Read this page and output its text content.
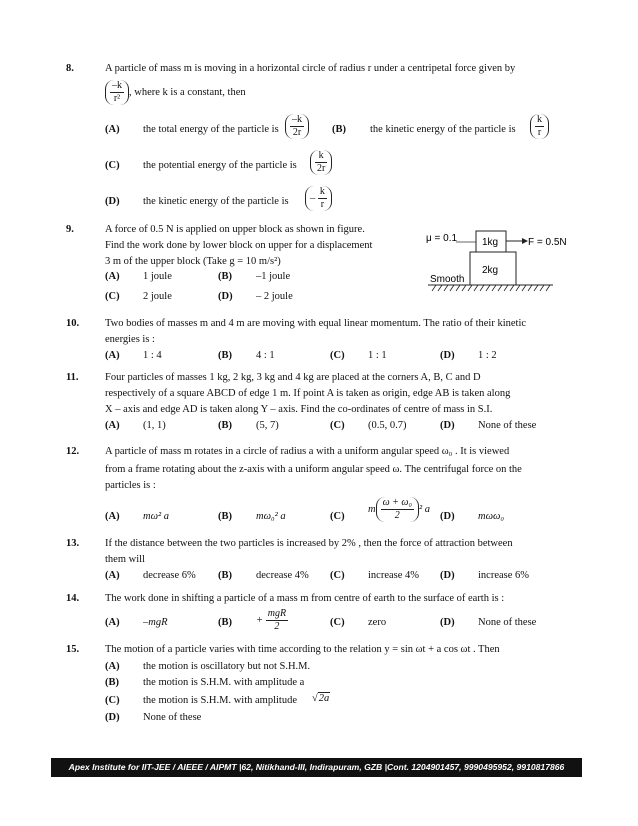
8.	A particle of mass m is moving in a horizontal circle of radius r under a centripetal force given by
$\frac{-k}{\text{r²}}$ , where k is a constant, then
(A) the total energy of the particle is $\frac{-k}{2r}$	(B) the kinetic energy of the particle is $\frac{k}{r}$
(C) the potential energy of the particle is $\frac{k}{2r}$
(D) the kinetic energy of the particle is	– $\frac{k}{r}$
9.	A force of 0.5 N is applied on upper block as shown in figure.
Find the work done by lower block on upper for a displacement
3 m of the upper block (Take g = 10 m/s²)
(A) 1 joule	(B) –1 joule
(C) 2 joule	(D) – 2 joule
μ = 0.1 1kg	F = 0.5N
2kg
Smooth
10. Two bodies of masses m and 4 m are moving with equal linear momentum. The ratio of their kinetic
energies is :
(A) 1 : 4	(B) 4 : 1	(C) 1 : 1	(D) 1 : 2
11.	Four particles of masses 1 kg, 2 kg, 3 kg and 4 kg are placed at the corners A, B, C and D
respectively of a square ABCD of edge 1 m. If point A is taken as origin, edge AB is taken along
X – axis and edge AD is taken along Y – axis. Find the co-ordinates of centre of mass in S.I.
(A) (1, 1)	(B) (5, 7)	(C) (0.5, 0.7)	(D) None of these
12. A particle of mass m rotates in a circle of radius a with a uniform angular speed ω₀ . It is viewed
from a frame rotating about the z-axis with a uniform angular speed ω. The centrifugal force on the
particles is :
(A) mω² a	(B) mω₀² a	(C)
m $\frac{\text{ω + ω₀}}{2} ^2$ a
(D) mωω₀
13. If the distance between the two particles is increased by 2% , then the force of attraction between
them will
(A) decrease 6% (B) decrease 4% (C) increase 4% (D) increase 6%
14. The work done in shifting a particle of a mass m from centre of earth to the surface of earth is :
(A) –mgR	$(B) + \frac{\text{mgR}}{2}$	(C) zero	(D) None of these
15. The motion of a particle varies with time according to the relation y = sin ωt + a cos ωt . Then
(A) the motion is oscillatory but not S.H.M.
(B) the motion is S.H.M. with amplitude a
(C) the motion is S.H.M. with amplitude √2a
(D) None of these
Apex Institute for IIT-JEE / AIEEE / AIPMT |62, Nitikhand-III, Indirapuram, GZB |Cont. 1204901457, 9990495952, 9910817866
